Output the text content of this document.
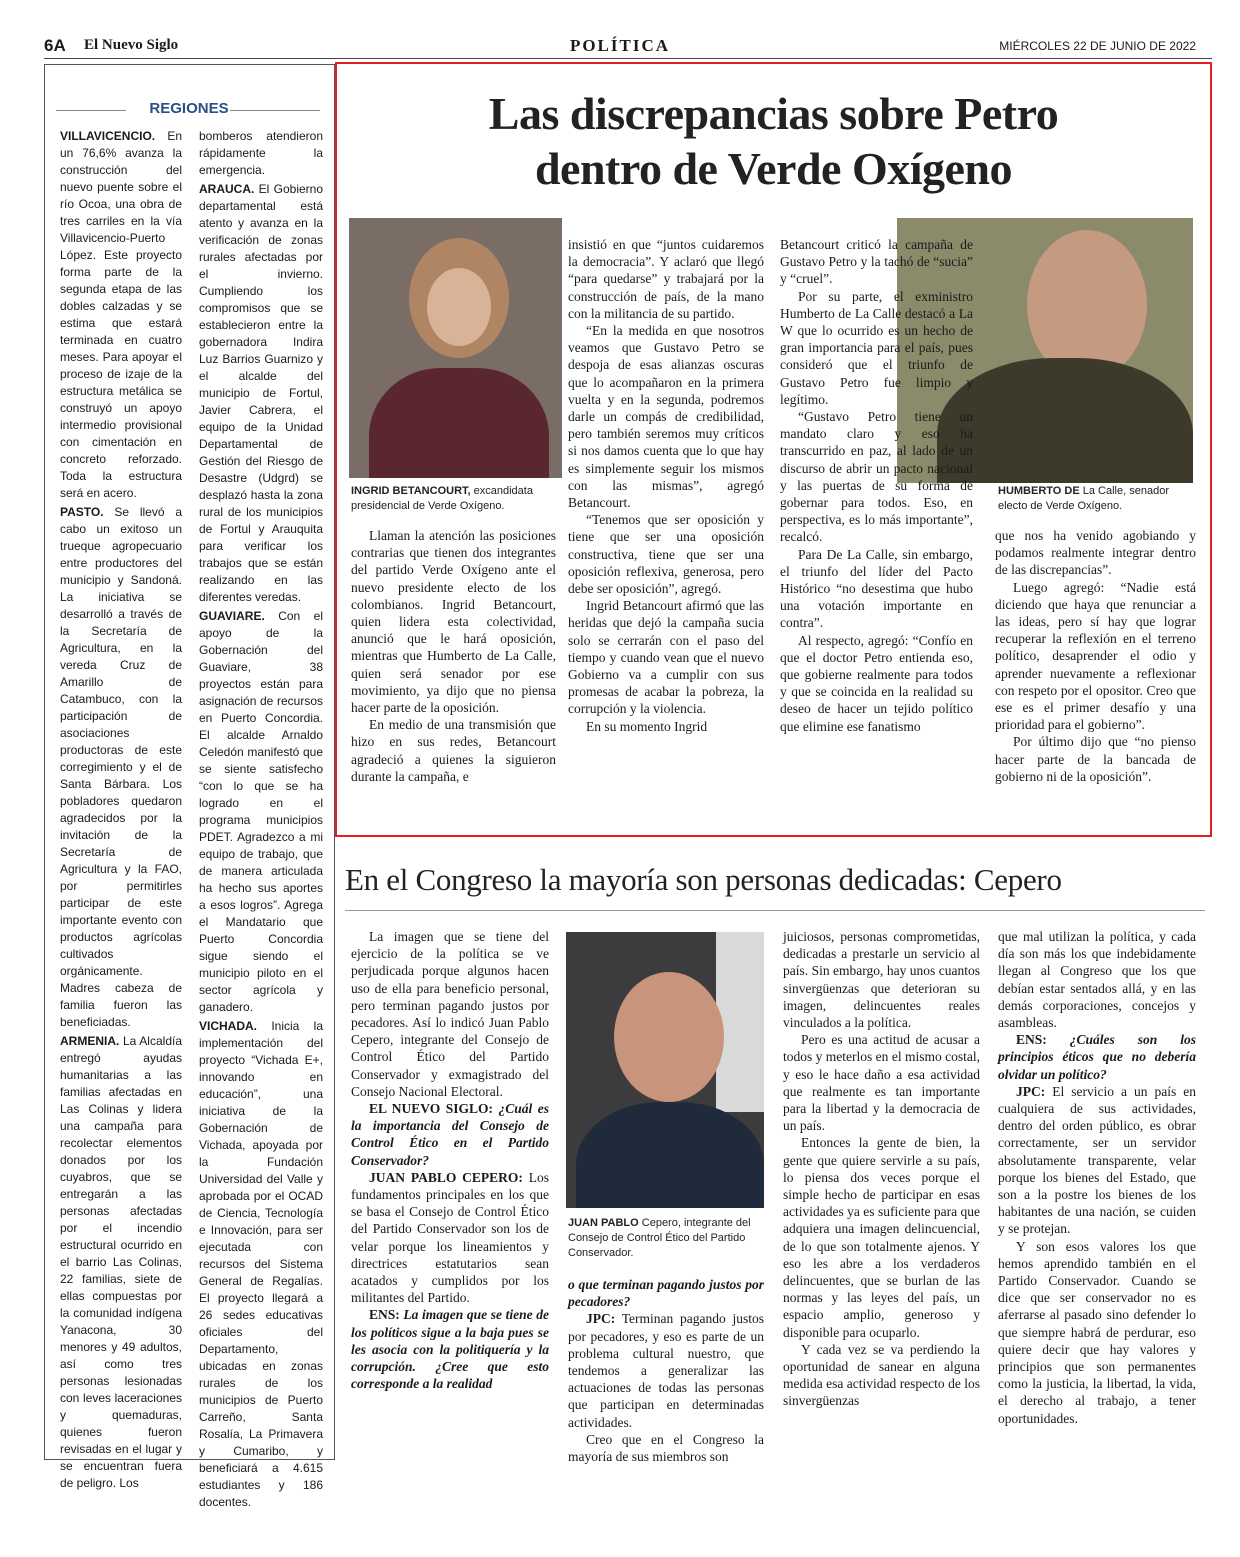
6A El Nuevo Siglo	POLÍTICA	MIÉRCOLES 22 DE JUNIO DE 2022
REGIONES

VILLAVICENCIO. En un 76,6% avanza la construcción del nuevo puente sobre el río Ocoa, una obra de tres carriles en la vía Villavicencio-Puerto López. Este proyecto forma parte de la segunda etapa de las dobles calzadas y se estima que estará terminada en cuatro meses. Para apoyar el proceso de izaje de la estructura metálica se construyó un apoyo intermedio provisional con cimentación en concreto reforzado. Toda la estructura será en acero.

PASTO. Se llevó a cabo un exitoso un trueque agropecuario entre productores del municipio y Sandoná. La iniciativa se desarrolló a través de la Secretaría de Agricultura, en la vereda Cruz de Amarillo de Catambuco, con la participación de asociaciones productoras de este corregimiento y el de Santa Bárbara. Los pobladores quedaron agradecidos por la invitación de la Secretaría de Agricultura y la FAO, por permitirles participar de este importante evento con productos agrícolas cultivados orgánicamente. Madres cabeza de familia fueron las beneficiadas.

ARMENIA. La Alcaldía entregó ayudas humanitarias a las familias afectadas en Las Colinas y lidera una campaña para recolectar elementos donados por los cuyabros, que se entregarán a las personas afectadas por el incendio estructural ocurrido en el barrio Las Colinas, 22 familias, siete de ellas compuestas por la comunidad indígena Yanacona, 30 menores y 49 adultos, así como tres personas lesionadas con leves laceraciones y quemaduras, quienes fueron revisadas en el lugar y se encuentran fuera de peligro. Los

bomberos atendieron rápidamente la emergencia.

ARAUCA. El Gobierno departamental está atento y avanza en la verificación de zonas rurales afectadas por el invierno. Cumpliendo los compromisos que se establecieron entre la gobernadora Indira Luz Barrios Guarnizo y el alcalde del municipio de Fortul, Javier Cabrera, el equipo de la Unidad Departamental de Gestión del Riesgo de Desastre (Udgrd) se desplazó hasta la zona rural de los municipios de Fortul y Arauquita para verificar los trabajos que se están realizando en las diferentes veredas.

GUAVIARE. Con el apoyo de la Gobernación del Guaviare, 38 proyectos están para asignación de recursos en Puerto Concordia. El alcalde Arnaldo Celedón manifestó que se siente satisfecho “con lo que se ha logrado en el programa municipios PDET. Agradezco a mi equipo de trabajo, que de manera articulada ha hecho sus aportes a esos logros”. Agrega el Mandatario que Puerto Concordia sigue siendo el municipio piloto en el sector agrícola y ganadero.

VICHADA. Inicia la implementación del proyecto “Vichada E+, innovando en educación”, una iniciativa de la Gobernación de Vichada, apoyada por la Fundación Universidad del Valle y aprobada por el OCAD de Ciencia, Tecnología e Innovación, para ser ejecutada con recursos del Sistema General de Regalías. El proyecto llegará a 26 sedes educativas oficiales del Departamento, ubicadas en zonas rurales de los municipios de Puerto Carreño, Santa Rosalía, La Primavera y Cumaribo, y beneficiará a 4.615 estudiantes y 186 docentes.

Las discrepancias sobre Petro
dentro de Verde Oxígeno
INGRID BETANCOURT, excandidata presidencial de Verde Oxígeno.
HUMBERTO DE La Calle, senador electo de Verde Oxígeno.

Llaman la atención las posiciones contrarias que tienen dos integrantes del partido Verde Oxígeno ante el nuevo presidente electo de los colombianos. Ingrid Betancourt, quien lidera esta colectividad, anunció que le hará oposición, mientras que Humberto de La Calle, quien será senador por ese movimiento, ya dijo que no piensa hacer parte de la oposición.

En medio de una transmisión que hizo en sus redes, Betancourt agradeció a quienes la siguieron durante la campaña, e

insistió en que “juntos cuidaremos la democracia”. Y aclaró que llegó “para quedarse” y trabajará por la construcción de país, de la mano con la militancia de su partido.

“En la medida en que nosotros veamos que Gustavo Petro se despoja de esas alianzas oscuras que lo acompañaron en la primera vuelta y en la segunda, podremos darle un compás de credibilidad, pero también seremos muy críticos si nos damos cuenta que lo que hay es simplemente seguir los mismos con las mismas”, agregó Betancourt.

“Tenemos que ser oposición y tiene que ser una oposición constructiva, tiene que ser una oposición reflexiva, generosa, pero debe ser oposición”, agregó.

Ingrid Betancourt afirmó que las heridas que dejó la campaña sucia solo se cerrarán con el paso del tiempo y cuando vean que el nuevo Gobierno va a cumplir con sus promesas de acabar la pobreza, la corrupción y la violencia.

En su momento Ingrid

Betancourt criticó la campaña de Gustavo Petro y la tachó de “sucia” y “cruel”.

Por su parte, el exministro Humberto de La Calle destacó a La W que lo ocurrido es un hecho de gran importancia para el país, pues consideró que el triunfo de Gustavo Petro fue limpio y legítimo.

“Gustavo Petro tiene un mandato claro y eso ha transcurrido en paz, al lado de un discurso de abrir un pacto nacional y las puertas de su forma de gobernar para todos. Eso, en perspectiva, es lo más importante”, recalcó.

Para De La Calle, sin embargo, el triunfo del líder del Pacto Histórico “no desestima que hubo una votación importante en contra”.

Al respecto, agregó: “Confío en que el doctor Petro entienda eso, que gobierne realmente para todos y que se coincida en la realidad su deseo de hacer un tejido político que elimine ese fanatismo

que nos ha venido agobiando y podamos realmente integrar dentro de las discrepancias”.

Luego agregó: “Nadie está diciendo que haya que renunciar a las ideas, pero sí hay que lograr recuperar la reflexión en el terreno político, desaprender el odio y aprender nuevamente a reflexionar con respeto por el opositor. Creo que ese es el primer desafío y una prioridad para el gobierno”.

Por último dijo que “no pienso hacer parte de la bancada de gobierno ni de la oposición”.

En el Congreso la mayoría son personas dedicadas: Cepero
JUAN PABLO Cepero, integrante del Consejo de Control Ético del Partido Conservador.

La imagen que se tiene del ejercicio de la política se ve perjudicada porque algunos hacen uso de ella para beneficio personal, pero terminan pagando justos por pecadores. Así lo indicó Juan Pablo Cepero, integrante del Consejo de Control Ético del Partido Conservador y exmagistrado del Consejo Nacional Electoral.

EL NUEVO SIGLO: ¿Cuál es la importancia del Consejo de Control Ético en el Partido Conservador?

JUAN PABLO CEPERO: Los fundamentos principales en los que se basa el Consejo de Control Ético del Partido Conservador son los de velar porque los lineamientos y directrices estatutarios sean acatados y cumplidos por los militantes del Partido.

ENS: La imagen que se tiene de los políticos sigue a la baja pues se les asocia con la politiquería y la corrupción. ¿Cree que esto corresponde a la realidad

o que terminan pagando justos por pecadores?

JPC: Terminan pagando justos por pecadores, y eso es parte de un problema cultural nuestro, que tendemos a generalizar las actuaciones de todas las personas que participan en determinadas actividades.

Creo que en el Congreso la mayoría de sus miembros son

juiciosos, personas comprometidas, dedicadas a prestarle un servicio al país. Sin embargo, hay unos cuantos sinvergüenzas que deterioran su imagen, delincuentes reales vinculados a la política.

Pero es una actitud de acusar a todos y meterlos en el mismo costal, y eso le hace daño a esa actividad que realmente es tan importante para la libertad y la democracia de un país.

Entonces la gente de bien, la gente que quiere servirle a su país, lo piensa dos veces porque el simple hecho de participar en esas actividades ya es suficiente para que adquiera una imagen delincuencial, de lo que son totalmente ajenos. Y eso les abre a los verdaderos delincuentes, que se burlan de las normas y las leyes del país, un espacio amplio, generoso y disponible para ocuparlo.

Y cada vez se va perdiendo la oportunidad de sanear en alguna medida esa actividad respecto de los sinvergüenzas

que mal utilizan la política, y cada día son más los que indebidamente llegan al Congreso que los que debían estar sentados allá, y en las demás corporaciones, concejos y asambleas.

ENS: ¿Cuáles son los principios éticos que no debería olvidar un político?

JPC: El servicio a un país en cualquiera de sus actividades, dentro del orden público, es obrar correctamente, ser un servidor absolutamente transparente, velar porque los bienes del Estado, que son a la postre los bienes de los habitantes de una nación, se cuiden y se protejan.

Y son esos valores los que hemos aprendido también en el Partido Conservador. Cuando se dice que ser conservador no es aferrarse al pasado sino defender lo que siempre habrá de perdurar, eso quiere decir que hay valores y principios que son permanentes como la justicia, la libertad, la vida, el derecho al trabajo, a tener oportunidades.
